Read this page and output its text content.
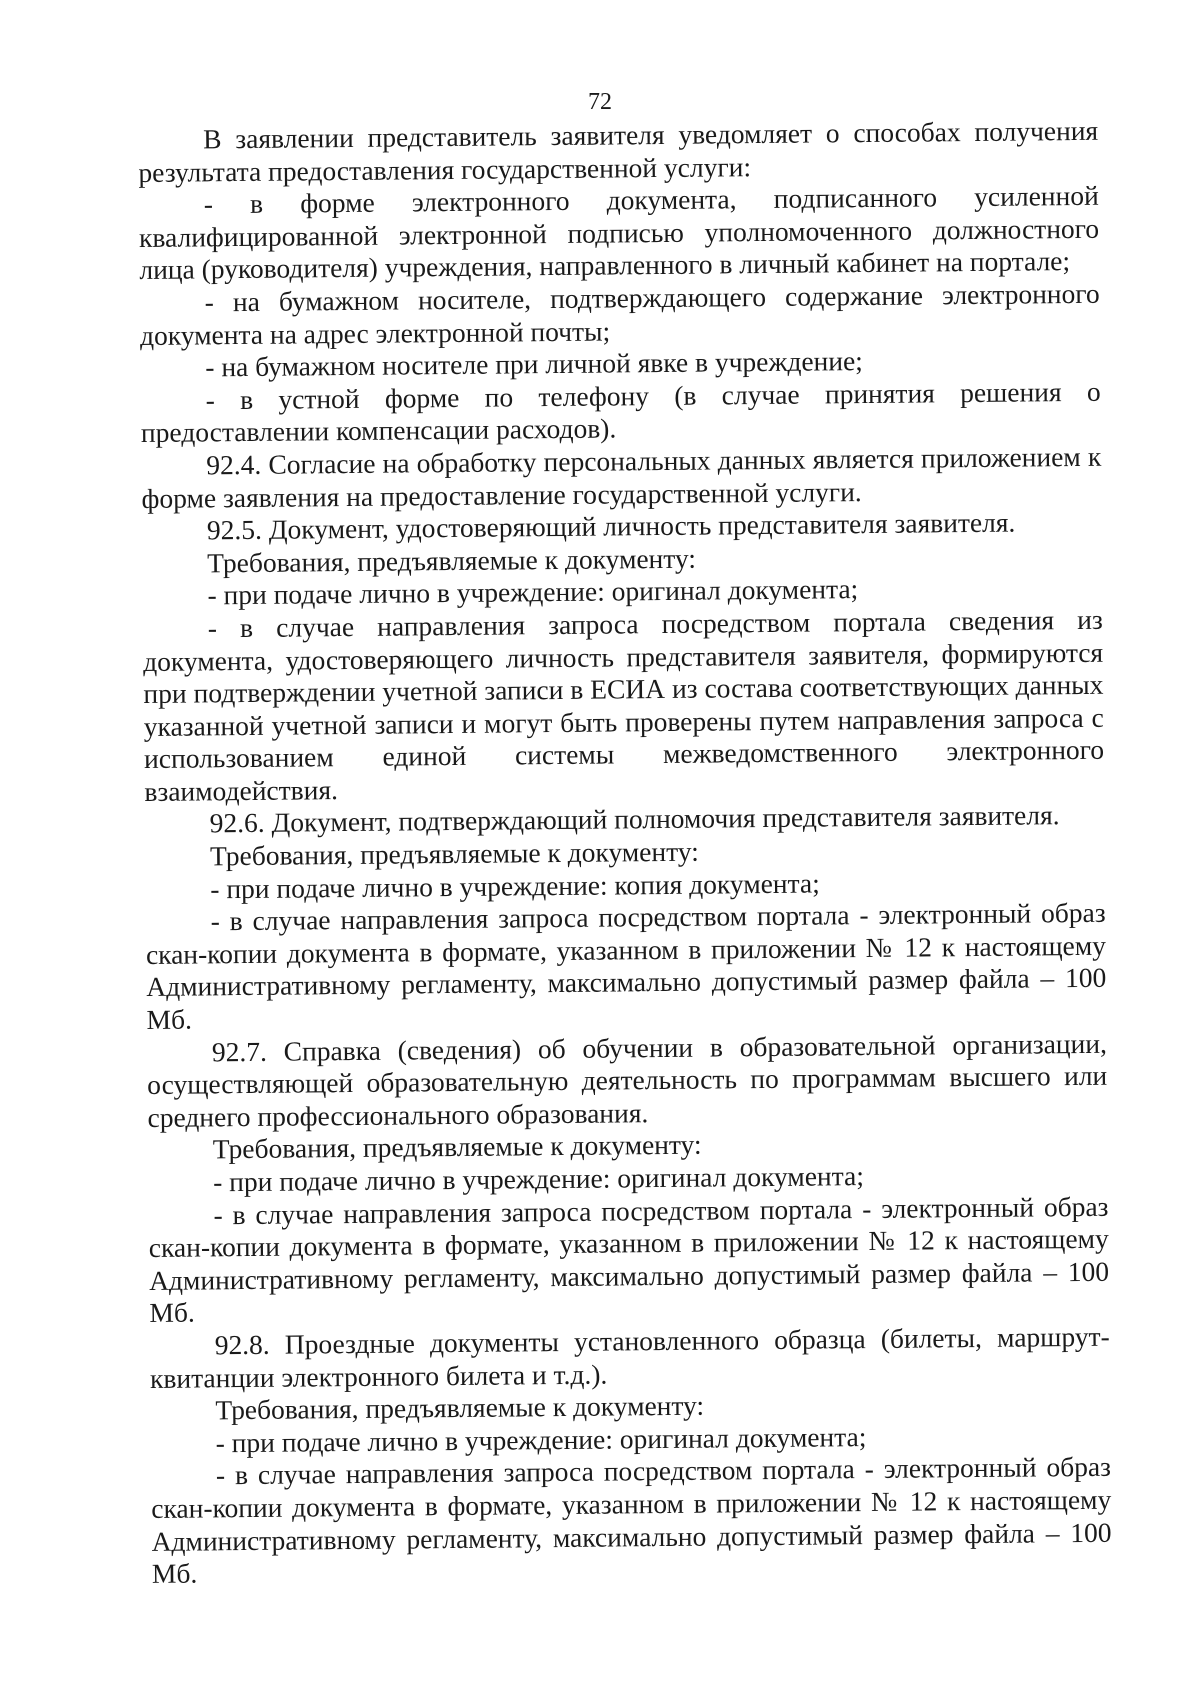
72

В заявлении представитель заявителя уведомляет о способах получения результата предоставления государственной услуги:

- в форме электронного документа, подписанного усиленной квалифицированной электронной подписью уполномоченного должностного лица (руководителя) учреждения, направленного в личный кабинет на портале;

- на бумажном носителе, подтверждающего содержание электронного документа на адрес электронной почты;

- на бумажном носителе при личной явке в учреждение;

- в устной форме по телефону (в случае принятия решения о предоставлении компенсации расходов).

92.4. Согласие на обработку персональных данных является приложением к форме заявления на предоставление государственной услуги.

92.5. Документ, удостоверяющий личность представителя заявителя.

Требования, предъявляемые к документу:

- при подаче лично в учреждение: оригинал документа;

- в случае направления запроса посредством портала сведения из документа, удостоверяющего личность представителя заявителя, формируются при подтверждении учетной записи в ЕСИА из состава соответствующих данных указанной учетной записи и могут быть проверены путем направления запроса с использованием единой системы межведомственного электронного взаимодействия.

92.6. Документ, подтверждающий полномочия представителя заявителя.

Требования, предъявляемые к документу:

- при подаче лично в учреждение: копия документа;

- в случае направления запроса посредством портала - электронный образ скан-копии документа в формате, указанном в приложении № 12 к настоящему Административному регламенту, максимально допустимый размер файла – 100 Мб.

92.7. Справка (сведения) об обучении в образовательной организации, осуществляющей образовательную деятельность по программам высшего или среднего профессионального образования.

Требования, предъявляемые к документу:

- при подаче лично в учреждение: оригинал документа;

- в случае направления запроса посредством портала - электронный образ скан-копии документа в формате, указанном в приложении № 12 к настоящему Административному регламенту, максимально допустимый размер файла – 100 Мб.

92.8. Проездные документы установленного образца (билеты, маршрут-квитанции электронного билета и т.д.).

Требования, предъявляемые к документу:

- при подаче лично в учреждение: оригинал документа;

- в случае направления запроса посредством портала - электронный образ скан-копии документа в формате, указанном в приложении № 12 к настоящему Административному регламенту, максимально допустимый размер файла – 100 Мб.
